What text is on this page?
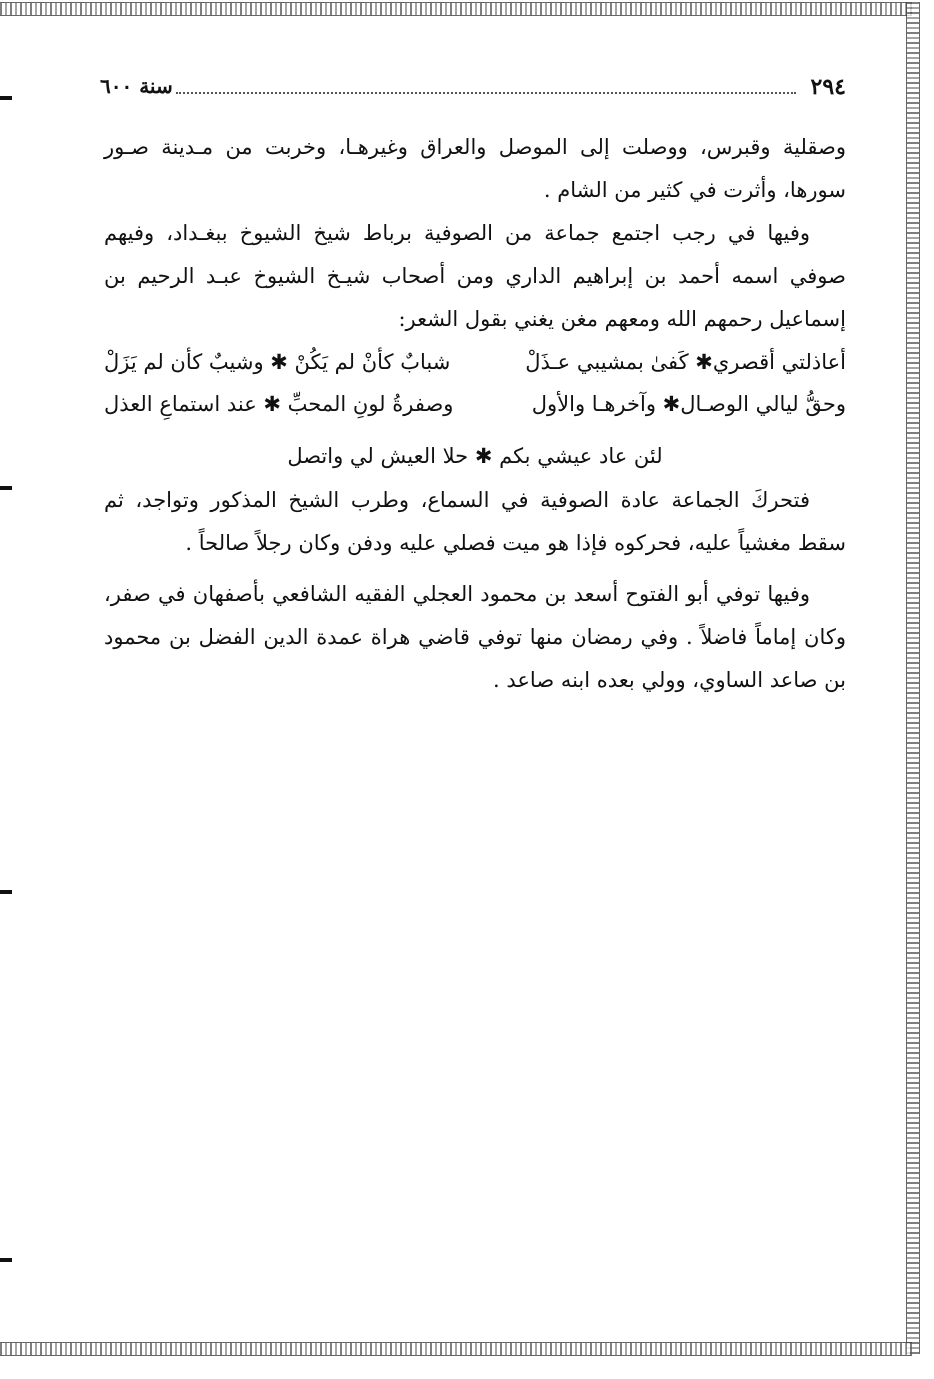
٢٩٤
سنة ٦٠٠

وصقلية وقبرس، ووصلت إلى الموصل والعراق وغيرهـا، وخربت من مـدينة صـور سورها، وأثرت في كثير من الشام .

وفيها في رجب اجتمع جماعة من الصوفية برباط شيخ الشيوخ ببغـداد، وفيهم صوفي اسمه أحمد بن إبراهيم الداري ومن أصحاب شيـخ الشيوخ عبـد الرحيم بن إسماعيل رحمهم الله ومعهم مغن يغني بقول الشعر:

أعاذلتي أقصري✱ كَفىٰ بمشيبي عـذَلْ
شبابٌ كأنْ لم يَكُنْ ✱ وشيبٌ كأن لم يَزَلْ
وحقُّ ليالي الوصـال✱ وآخرهـا والأول
وصفرةُ لونِ المحبِّ ✱ عند استماعِ العذل
لئن عاد عيشي بكم ✱ حلا العيش لي واتصل

فتحركَ الجماعة عادة الصوفية في السماع، وطرب الشيخ المذكور وتواجد، ثم سقط مغشياً عليه، فحركوه فإذا هو ميت فصلي عليه ودفن وكان رجلاً صالحاً .

وفيها توفي أبو الفتوح أسعد بن محمود العجلي الفقيه الشافعي بأصفهان في صفر، وكان إماماً فاضلاً . وفي رمضان منها توفي قاضي هراة عمدة الدين الفضل بن محمود بن صاعد الساوي، وولي بعده ابنه صاعد .
